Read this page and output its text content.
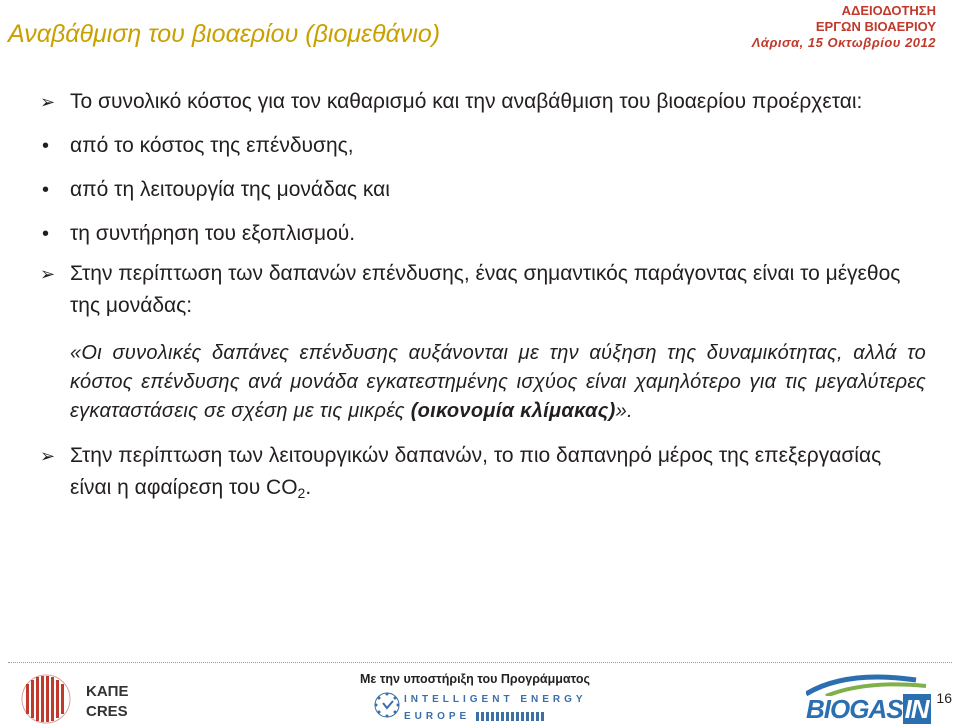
Αναβάθμιση του βιοαερίου (βιομεθάνιο)
ΑΔΕΙΟΔΟΤΗΣΗ
ΕΡΓΩΝ ΒΙΟΑΕΡΙΟΥ
Λάρισα, 15 Οκτωβρίου 2012
➢ Το συνολικό κόστος για τον καθαρισμό και την αναβάθμιση του βιοαερίου προέρχεται:
• από το κόστος της επένδυσης,
• από τη λειτουργία της μονάδας και
• τη συντήρηση του εξοπλισμού.
➢ Στην περίπτωση των δαπανών επένδυσης, ένας σημαντικός παράγοντας είναι το μέγεθος της μονάδας:
«Οι συνολικές δαπάνες επένδυσης αυξάνονται με την αύξηση της δυναμικότητας, αλλά το κόστος επένδυσης ανά μονάδα εγκατεστημένης ισχύος είναι χαμηλότερο για τις μεγαλύτερες εγκαταστάσεις σε σχέση με τις μικρές (οικονομία κλίμακας)».
➢ Στην περίπτωση των λειτουργικών δαπανών, το πιο δαπανηρό μέρος της επεξεργασίας είναι η αφαίρεση του $CO_2$.
Με την υποστήριξη του Προγράμματος
ΚΑΠΕ
CRES
INTELLIGENT ENERGY
EUROPE	BIOGASIN 16
